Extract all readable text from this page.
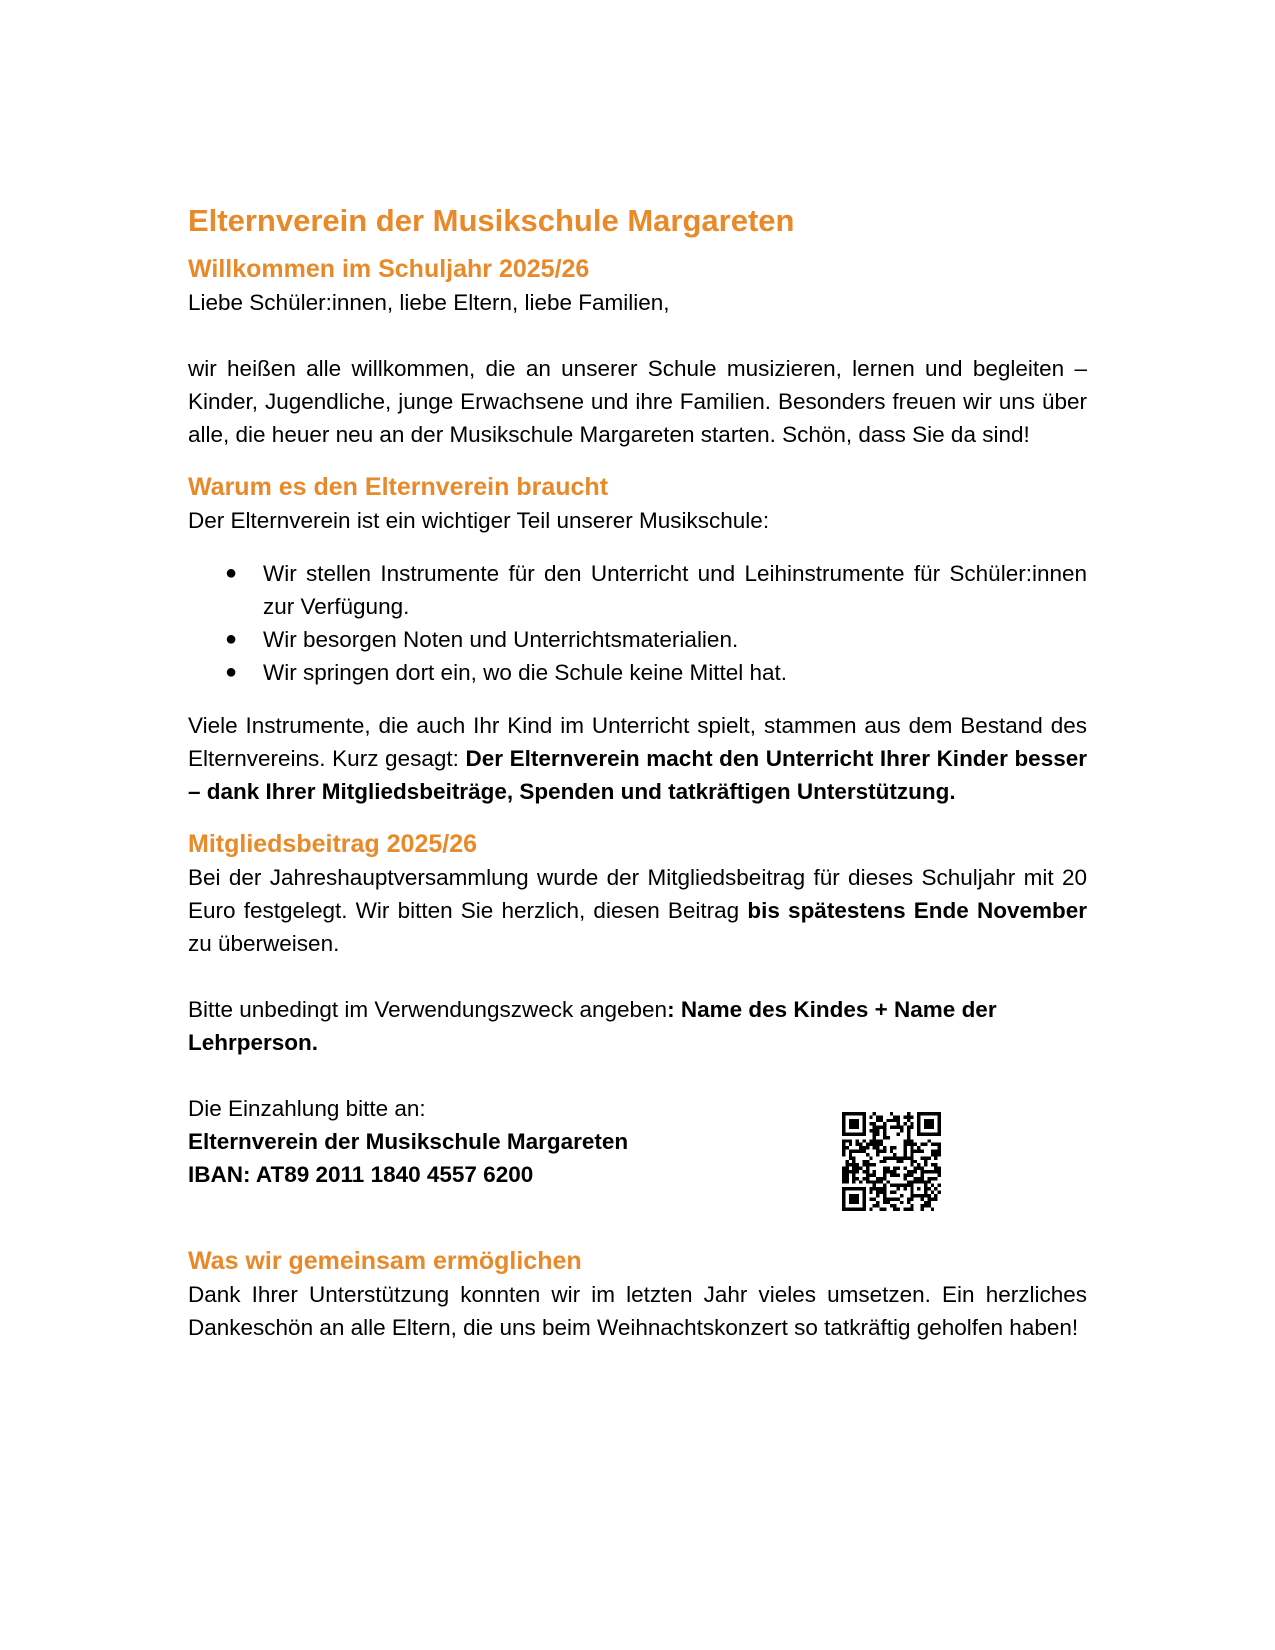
Elternverein der Musikschule Margareten
Willkommen im Schuljahr 2025/26

Liebe Schüler:innen, liebe Eltern, liebe Familien,

wir heißen alle willkommen, die an unserer Schule musizieren, lernen und begleiten – Kinder, Jugendliche, junge Erwachsene und ihre Familien. Besonders freuen wir uns über alle, die heuer neu an der Musikschule Margareten starten. Schön, dass Sie da sind!

Warum es den Elternverein braucht

Der Elternverein ist ein wichtiger Teil unserer Musikschule:

● Wir stellen Instrumente für den Unterricht und Leihinstrumente für Schüler:innen zur Verfügung.
● Wir besorgen Noten und Unterrichtsmaterialien.
● Wir springen dort ein, wo die Schule keine Mittel hat.

Viele Instrumente, die auch Ihr Kind im Unterricht spielt, stammen aus dem Bestand des Elternvereins. Kurz gesagt: Der Elternverein macht den Unterricht Ihrer Kinder besser – dank Ihrer Mitgliedsbeiträge, Spenden und tatkräftigen Unterstützung.

Mitgliedsbeitrag 2025/26

Bei der Jahreshauptversammlung wurde der Mitgliedsbeitrag für dieses Schuljahr mit 20 Euro festgelegt. Wir bitten Sie herzlich, diesen Beitrag bis spätestens Ende November zu überweisen.

Bitte unbedingt im Verwendungszweck angeben: Name des Kindes + Name der Lehrperson.

Die Einzahlung bitte an:

Elternverein der Musikschule Margareten

IBAN: AT89 2011 1840 4557 6200

Was wir gemeinsam ermöglichen

Dank Ihrer Unterstützung konnten wir im letzten Jahr vieles umsetzen. Ein herzliches Dankeschön an alle Eltern, die uns beim Weihnachtskonzert so tatkräftig geholfen haben!
